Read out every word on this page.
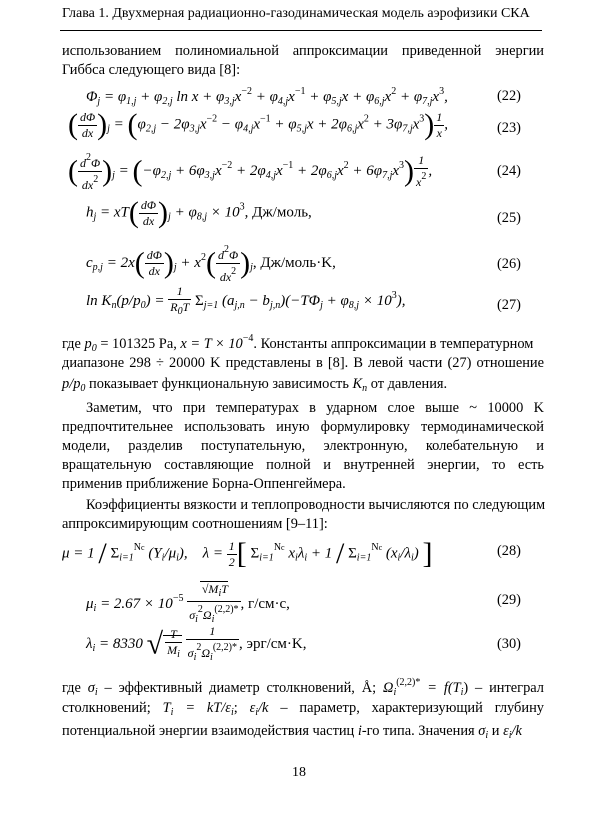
Глава 1. Двухмерная радиационно-газодинамическая модель аэрофизики СКА
использованием полиномиальной аппроксимации приведенной энергии
Гиббса следующего вида [8]:
$\Phi_j = \varphi_{1,j} + \varphi_{2,j}$ $\ln x + \varphi_{3,j}x^{-2} + \varphi_{4,j}x^{-1} + \varphi_{5,j}x + \varphi_{6,j}x^2 + \varphi_{7,j}x^3$,	(22)
( $\frac{d\Phi}{dx} )_j = (\varphi_{2,j} - 2\varphi_{3,j}x^{-2} - \varphi_{4,j}x^{-1} + \varphi_{5,j}x + 2\varphi_{6,j}x^2 + 3\varphi_{7,j}x^3) \frac{1}{x}$ ,	(23)
( $\frac{d^2\Phi}{dx^2} )_j = (-\varphi_{2,j} + 6\varphi_{3,j}x^{-2} + 2\varphi_{4,j}x^{-1} + 2\varphi_{6,j}x^2 + 6\varphi_{7,j}x^3) \frac{1}{x^2}$ ,	(24)
$h_j = xT( \frac{d\Phi}{dx} )_j + \varphi_{8,j} \times 10^3$, Дж/моль,	(25)
$c_{p,j} = 2x( \frac{d\Phi}{dx} )_j + x^2( \frac{d^2\Phi}{dx^2} )_j$, Дж/моль·K,	(26)
$\ln K_n(p/p_0) = \frac{1}{R_0T} \Sigma_{j=1}$ $(a_{j,n} - b_{j,n})(-T\Phi_j + \varphi_{8,j} \times 10^3)$,	(27)
где $p_0 = 101325$ Pa, $x = T \times 10^{-4}$. Константы аппроксимации в температурном
диапазоне 298 ÷ 20000 K представлены в [8]. В левой части (27) отношение
$p/p_0$ показывает функциональную зависимость $K_n$ от давления.
Заметим, что при температурах в ударном слое выше ~ 10000 K
предпочтительнее использовать иную формулировку термодинамической
модели, разделив поступательную, электронную, колебательную и
вращательную составляющие полной и внутренней энергии, то есть
применив приближение Борна-Оппенгеймера.
Коэффициенты вязкости и теплопроводности вычисляются по следующим
аппроксимирующим соотношениям [9–11]:
$\mu = 1 / \Sigma_{i=1}^{Nc}$ $(Y_i/\mu_i)$,    $\lambda = \frac{1}{2}$ [ $\Sigma_{i=1}^{Nc}$ $x_i\lambda_i + 1 / \Sigma_{i=1}^{Nc}$ $(x_i/\lambda_i)$ ]	(28)
$\mu_i = 2.67 \times 10^{-5}$
$√M_iT$
$\sigma_i^2\Omega_i^{(2,2)*}$ , г/см·с,	(29)
$\lambda_i = 8330$ √ $\frac{T}{M_i}$
$\frac{1}{\sigma_i^2\Omega_i^{(2,2)*}}$ , эрг/см·K,	(30)
где $\sigma_i$ – эффективный диаметр столкновений, Å; $\Omega_i^{(2,2)*} = f(T_i)$ – интеграл
столкновений; $T_i = kT/\varepsilon_i$; $\varepsilon_i/k$ – параметр, характеризующий глубину
потенциальной энергии взаимодействия частиц i-го типа. Значения $\sigma_i$ и $\varepsilon_i/k$
18
